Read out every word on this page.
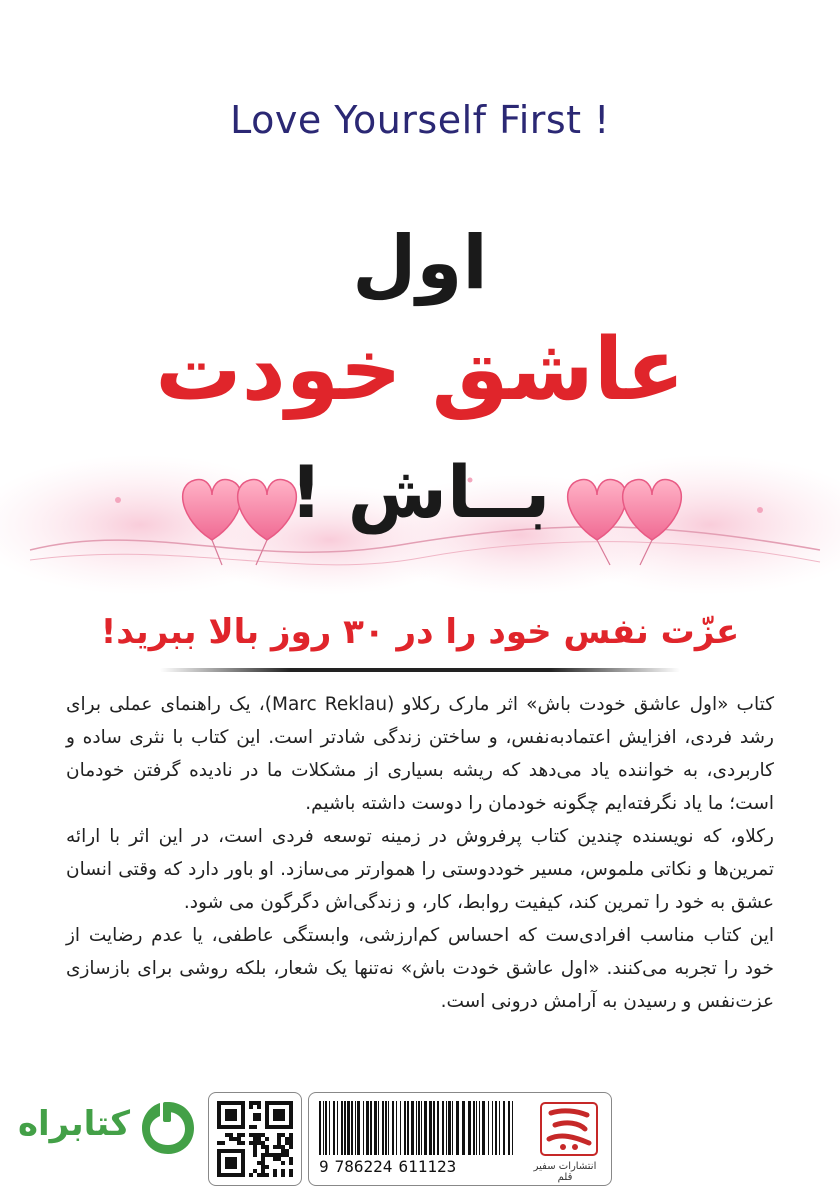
Love Yourself First !
اول
عاشق خودت
بــاش !
عزّت نفس خود را در ۳۰ روز بالا ببرید!

کتاب «اول عاشق خودت باش» اثر مارک رکلاو (Marc Reklau)، یک راهنمای عملی برای رشد فردی، افزایش اعتمادبه‌نفس، و ساختن زندگی شادتر است. این کتاب با نثری ساده و کاربردی، به خواننده یاد می‌دهد که ریشه بسیاری از مشکلات ما در نادیده گرفتن خودمان است؛ ما یاد نگرفته‌ایم چگونه خودمان را دوست داشته باشیم.

رکلاو، که نویسنده چندین کتاب پرفروش در زمینه توسعه فردی است، در این اثر با ارائه تمرین‌ها و نکاتی ملموس، مسیر خوددوستی را هموارتر می‌سازد. او باور دارد که وقتی انسان عشق به خود را تمرین کند، کیفیت روابط، کار، و زندگی‌اش دگرگون می شود.

این کتاب مناسب افرادی‌ست که احساس کم‌ارزشی، وابستگی عاطفی، یا عدم رضایت از خود را تجربه می‌کنند. «اول عاشق خودت باش» نه‌تنها یک شعار، بلکه روشی برای بازسازی عزت‌نفس و رسیدن به آرامش درونی است.

کتابراه
9 786224 611123	انتشارات سفیر قلم
